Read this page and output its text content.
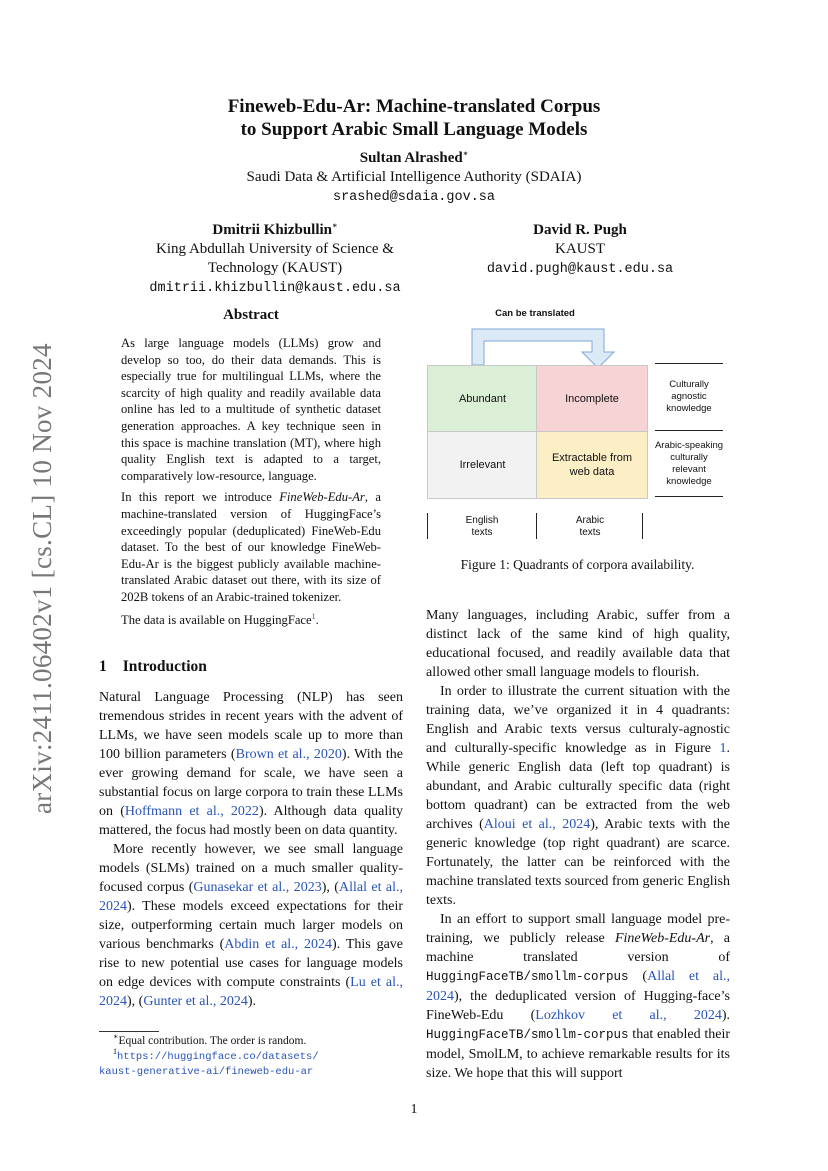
arXiv:2411.06402v1 [cs.CL] 10 Nov 2024
Fineweb-Edu-Ar: Machine-translated Corpus
to Support Arabic Small Language Models
Sultan Alrashed∗
Saudi Data & Artificial Intelligence Authority (SDAIA)
srashed@sdaia.gov.sa
Dmitrii Khizbullin∗
King Abdullah University of Science &
Technology (KAUST)
dmitrii.khizbullin@kaust.edu.sa
David R. Pugh
KAUST
david.pugh@kaust.edu.sa
Abstract

As large language models (LLMs) grow and develop so too, do their data demands. This is especially true for multilingual LLMs, where the scarcity of high quality and readily available data online has led to a multitude of synthetic dataset generation approaches. A key technique seen in this space is machine translation (MT), where high quality English text is adapted to a target, comparatively low-resource, language.

In this report we introduce FineWeb-Edu-Ar, a machine-translated version of HuggingFace’s exceedingly popular (deduplicated) FineWeb-Edu dataset. To the best of our knowledge FineWeb-Edu-Ar is the biggest publicly available machine-translated Arabic dataset out there, with its size of 202B tokens of an Arabic-trained tokenizer.

The data is available on HuggingFace$^1$.

1 Introduction

Natural Language Processing (NLP) has seen tremendous strides in recent years with the advent of LLMs, we have seen models scale up to more than 100 billion parameters (Brown et al., 2020). With the ever growing demand for scale, we have seen a substantial focus on large corpora to train these LLMs on (Hoffmann et al., 2022). Although data quality mattered, the focus had mostly been on data quantity.

More recently however, we see small language models (SLMs) trained on a much smaller quality-focused corpus (Gunasekar et al., 2023), (Allal et al., 2024). These models exceed expectations for their size, outperforming certain much larger models on various benchmarks (Abdin et al., 2024). This gave rise to new potential use cases for language models on edge devices with compute constraints (Lu et al., 2024), (Gunter et al., 2024).

∗Equal contribution. The order is random.
$^1$https://huggingface.co/datasets/
kaust-generative-ai/fineweb-edu-ar
Can be translated
Abundant	Incomplete
Irrelevant
Extractable from
web data
Culturally
agnostic
knowledge
Arabic-speaking
culturally
relevant
knowledge
English
texts
Arabic
texts
Figure 1: Quadrants of corpora availability.

Many languages, including Arabic, suffer from a distinct lack of the same kind of high quality, educational focused, and readily available data that allowed other small language models to flourish.

In order to illustrate the current situation with the training data, we’ve organized it in 4 quadrants: English and Arabic texts versus culturaly-agnostic and culturally-specific knowledge as in Figure 1. While generic English data (left top quadrant) is abundant, and Arabic culturally specific data (right bottom quadrant) can be extracted from the web archives (Aloui et al., 2024), Arabic texts with the generic knowledge (top right quadrant) are scarce. Fortunately, the latter can be reinforced with the machine translated texts sourced from generic English texts.

In an effort to support small language model pre-training, we publicly release FineWeb-Edu-Ar, a machine translated version of HuggingFaceTB/smollm-corpus (Allal et al., 2024), the deduplicated version of Hugging-face’s FineWeb-Edu (Lozhkov et al., 2024). HuggingFaceTB/smollm-corpus that enabled their model, SmolLM, to achieve remarkable results for its size. We hope that this will support

1
